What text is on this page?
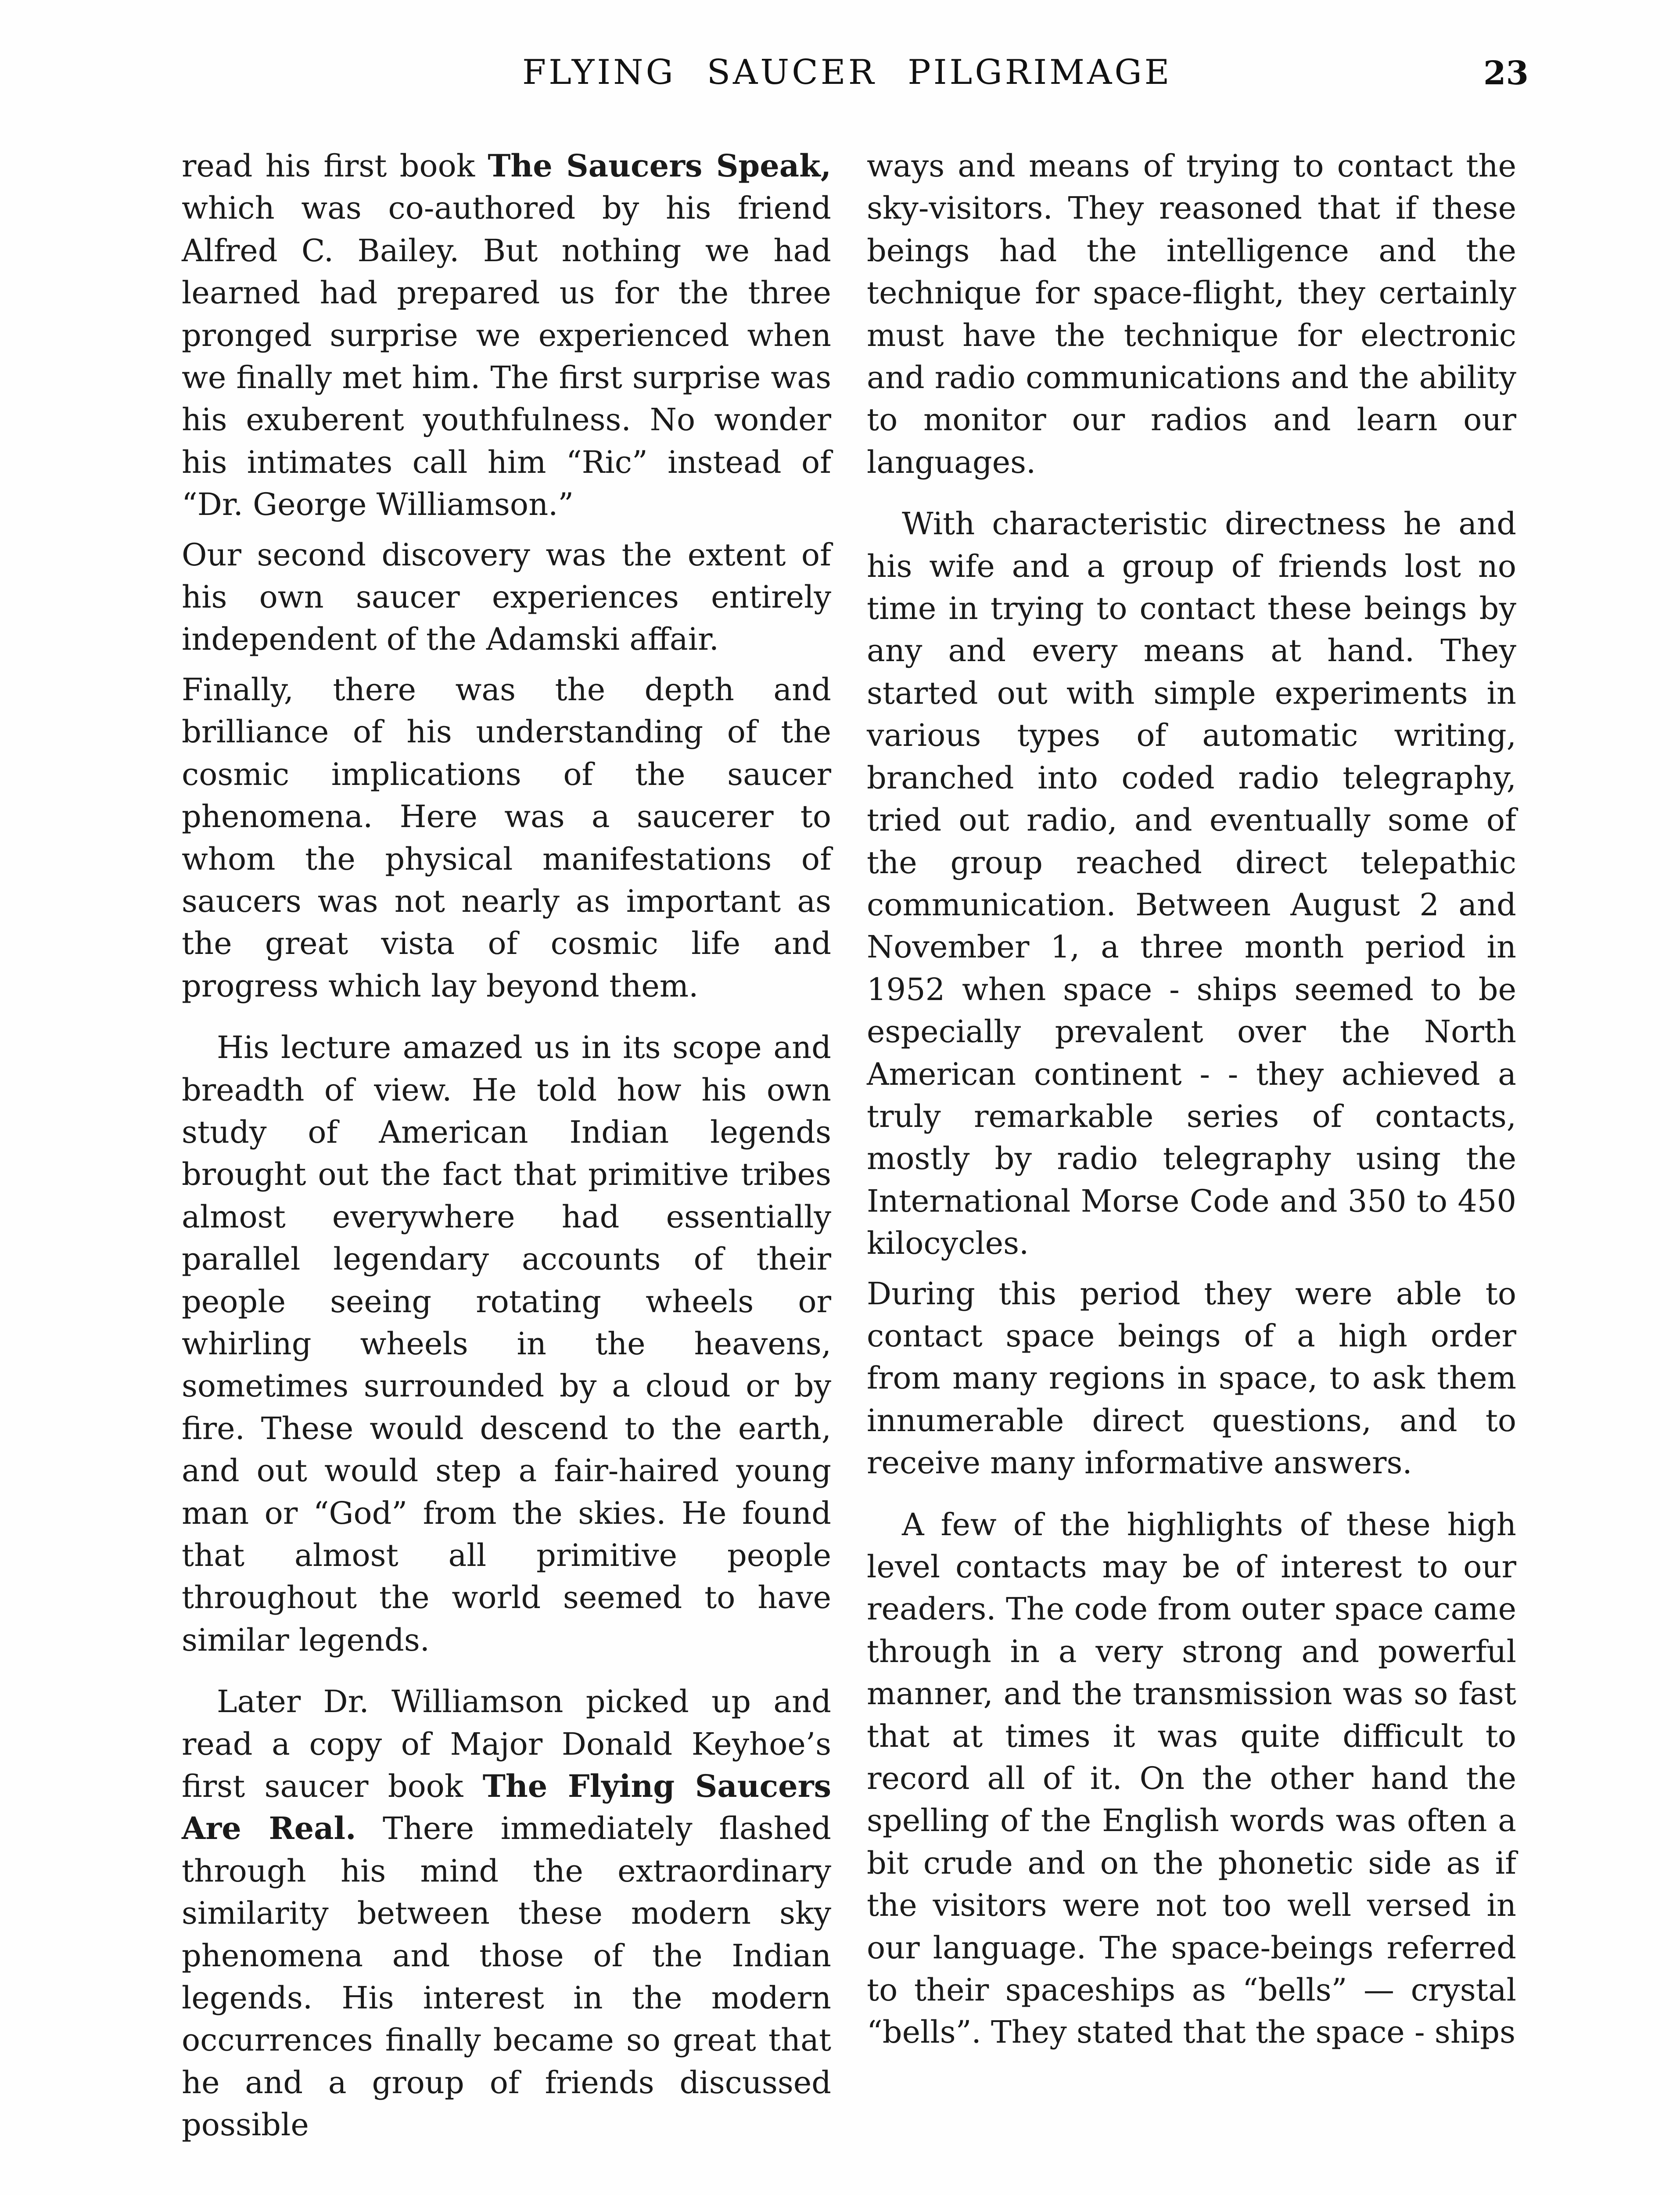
FLYING SAUCER PILGRIMAGE	23

read his first book The Saucers Speak, which was co-authored by his friend Alfred C. Bailey. But nothing we had learned had prepared us for the three pronged surprise we experienced when we finally met him. The first surprise was his exuberent youthfulness. No wonder his intimates call him “Ric” instead of “Dr. George Williamson.”

Our second discovery was the extent of his own saucer experiences entirely independent of the Adamski affair.

Finally, there was the depth and brilliance of his understanding of the cosmic implications of the saucer phenomena. Here was a saucerer to whom the physical manifestations of saucers was not nearly as important as the great vista of cosmic life and progress which lay beyond them.

His lecture amazed us in its scope and breadth of view. He told how his own study of American Indian legends brought out the fact that primitive tribes almost everywhere had essentially parallel legendary accounts of their people seeing rotating wheels or whirling wheels in the heavens, sometimes surrounded by a cloud or by fire. These would descend to the earth, and out would step a fair-haired young man or “God” from the skies. He found that almost all primitive people throughout the world seemed to have similar legends.

Later Dr. Williamson picked up and read a copy of Major Donald Keyhoe’s first saucer book The Flying Saucers Are Real. There immediately flashed through his mind the extraordinary similarity between these modern sky phenomena and those of the Indian legends. His interest in the modern occurrences finally became so great that he and a group of friends discussed possible

ways and means of trying to contact the sky-visitors. They reasoned that if these beings had the intelligence and the technique for space-flight, they certainly must have the technique for electronic and radio communications and the ability to monitor our radios and learn our languages.

With characteristic directness he and his wife and a group of friends lost no time in trying to contact these beings by any and every means at hand. They started out with simple experiments in various types of automatic writing, branched into coded radio telegraphy, tried out radio, and eventually some of the group reached direct telepathic communication. Between August 2 and November 1, a three month period in 1952 when space - ships seemed to be especially prevalent over the North American continent - - they achieved a truly remarkable series of contacts, mostly by radio telegraphy using the International Morse Code and 350 to 450 kilocycles.

During this period they were able to contact space beings of a high order from many regions in space, to ask them innumerable direct questions, and to receive many informative answers.

A few of the highlights of these high level contacts may be of interest to our readers. The code from outer space came through in a very strong and powerful manner, and the transmission was so fast that at times it was quite difficult to record all of it. On the other hand the spelling of the English words was often a bit crude and on the phonetic side as if the visitors were not too well versed in our language. The space-beings referred to their spaceships as “bells” — crystal “bells”. They stated that the space - ships
